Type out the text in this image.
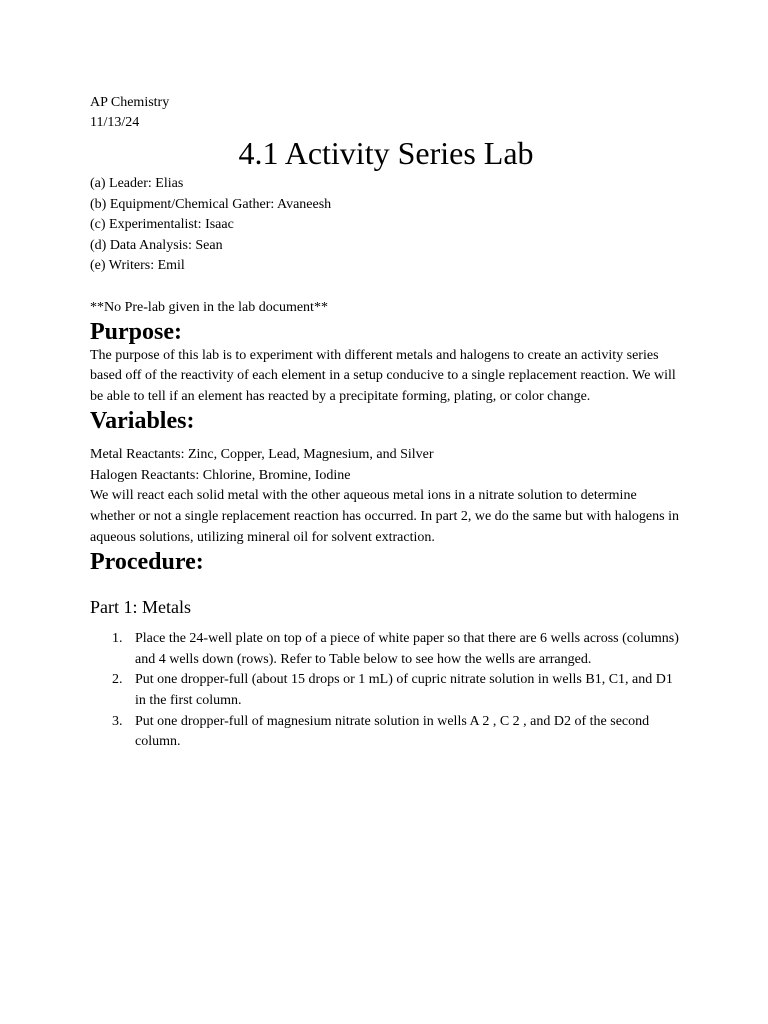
AP Chemistry
11/13/24
4.1 Activity Series Lab
(a) Leader: Elias
(b) Equipment/Chemical Gather: Avaneesh
(c) Experimentalist: Isaac
(d) Data Analysis: Sean
(e) Writers: Emil
**No Pre-lab given in the lab document**
Purpose:

The purpose of this lab is to experiment with different metals and halogens to create an activity series based off of the reactivity of each element in a setup conducive to a single replacement reaction. We will be able to tell if an element has reacted by a precipitate forming, plating, or color change.

Variables:
Metal Reactants: Zinc, Copper, Lead, Magnesium, and Silver
Halogen Reactants: Chlorine, Bromine, Iodine

We will react each solid metal with the other aqueous metal ions in a nitrate solution to determine whether or not a single replacement reaction has occurred. In part 2, we do the same but with halogens in aqueous solutions, utilizing mineral oil for solvent extraction.

Procedure:
Part 1: Metals
1. Place the 24-well plate on top of a piece of white paper so that there are 6 wells across (columns) and 4 wells down (rows). Refer to Table below to see how the wells are arranged.
2. Put one dropper-full (about 15 drops or 1 mL) of cupric nitrate solution in wells B1, C1, and D1 in the first column.
3. Put one dropper-full of magnesium nitrate solution in wells A 2 , C 2 , and D2 of the second column.
